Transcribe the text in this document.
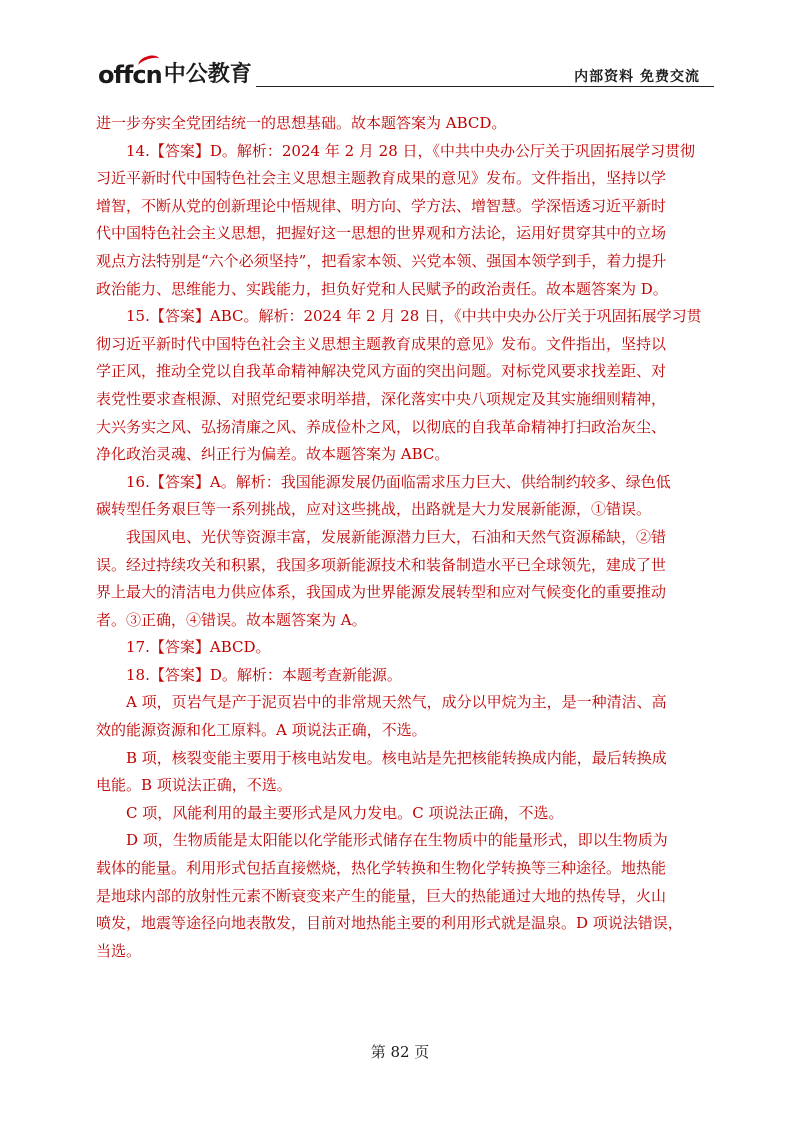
offcn 中公教育	内部资料 免费交流
进一步夯实全党团结统一的思想基础。故本题答案为 ABCD。
14.【答案】D。解析：2024 年 2 月 28 日，《中共中央办公厅关于巩固拓展学习贯彻
习近平新时代中国特色社会主义思想主题教育成果的意见》发布。文件指出，坚持以学
增智，不断从党的创新理论中悟规律、明方向、学方法、增智慧。学深悟透习近平新时
代中国特色社会主义思想，把握好这一思想的世界观和方法论，运用好贯穿其中的立场
观点方法特别是“六个必须坚持”，把看家本领、兴党本领、强国本领学到手，着力提升
政治能力、思维能力、实践能力，担负好党和人民赋予的政治责任。故本题答案为 D。
15.【答案】ABC。解析：2024 年 2 月 28 日，《中共中央办公厅关于巩固拓展学习贯
彻习近平新时代中国特色社会主义思想主题教育成果的意见》发布。文件指出，坚持以
学正风，推动全党以自我革命精神解决党风方面的突出问题。对标党风要求找差距、对
表党性要求查根源、对照党纪要求明举措，深化落实中央八项规定及其实施细则精神，
大兴务实之风、弘扬清廉之风、养成俭朴之风，以彻底的自我革命精神打扫政治灰尘、
净化政治灵魂、纠正行为偏差。故本题答案为 ABC。
16.【答案】A。解析：我国能源发展仍面临需求压力巨大、供给制约较多、绿色低
碳转型任务艰巨等一系列挑战，应对这些挑战，出路就是大力发展新能源，①错误。
我国风电、光伏等资源丰富，发展新能源潜力巨大，石油和天然气资源稀缺，②错
误。经过持续攻关和积累，我国多项新能源技术和装备制造水平已全球领先，建成了世
界上最大的清洁电力供应体系，我国成为世界能源发展转型和应对气候变化的重要推动
者。③正确，④错误。故本题答案为 A。
17.【答案】ABCD。
18.【答案】D。解析：本题考查新能源。
A 项，页岩气是产于泥页岩中的非常规天然气，成分以甲烷为主，是一种清洁、高
效的能源资源和化工原料。A 项说法正确，不选。
B 项，核裂变能主要用于核电站发电。核电站是先把核能转换成内能，最后转换成
电能。B 项说法正确，不选。
C 项，风能利用的最主要形式是风力发电。C 项说法正确，不选。
D 项，生物质能是太阳能以化学能形式储存在生物质中的能量形式，即以生物质为
载体的能量。利用形式包括直接燃烧，热化学转换和生物化学转换等三种途径。地热能
是地球内部的放射性元素不断衰变来产生的能量，巨大的热能通过大地的热传导，火山
喷发，地震等途径向地表散发，目前对地热能主要的利用形式就是温泉。D 项说法错误，
当选。
第 82 页
